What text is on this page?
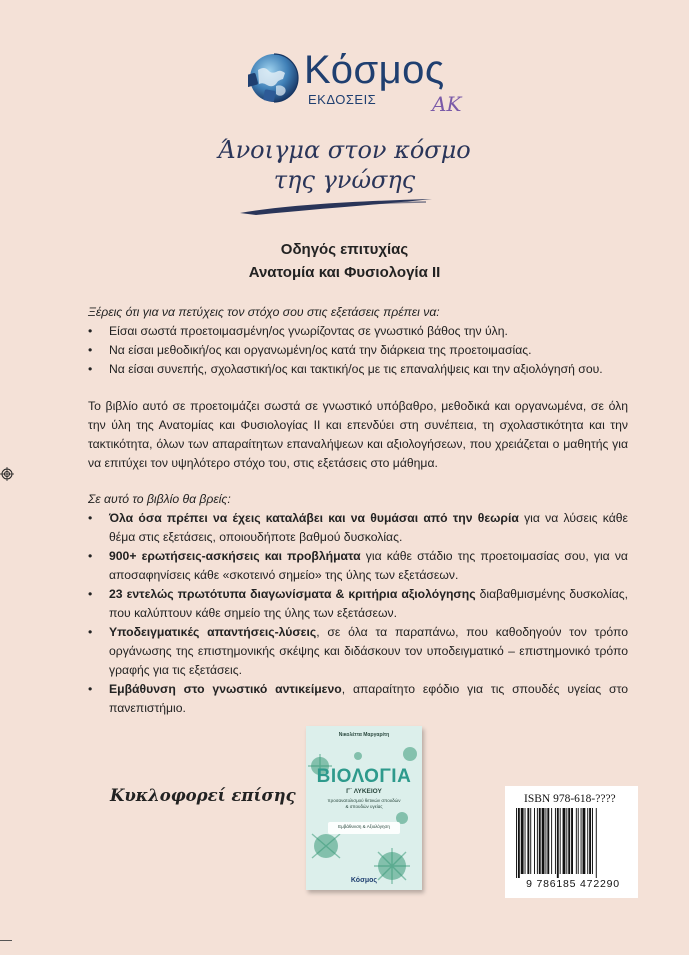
Κόσμος
ΕΚΔΟΣΕΙΣ	ΑΚ
Άνοιγμα στον κόσμο
της γνώσης
Οδηγός επιτυχίας
Ανατομία και Φυσιολογία ΙΙ
Ξέρεις ότι για να πετύχεις τον στόχο σου στις εξετάσεις πρέπει να:
• Είσαι σωστά προετοιμασμένη/ος γνωρίζοντας σε γνωστικό βάθος την ύλη.
• Να είσαι μεθοδική/ος και οργανωμένη/ος κατά την διάρκεια της προετοιμασίας.
• Να είσαι συνεπής, σχολαστική/ος και τακτική/ος με τις επαναλήψεις και την αξιολόγησή σου.
Το βιβλίο αυτό σε προετοιμάζει σωστά σε γνωστικό υπόβαθρο, μεθοδικά και οργανωμένα, σε όλη την ύλη της Ανατομίας και Φυσιολογίας ΙΙ και επενδύει στη συνέπεια, τη σχολαστικότητα και την τακτικότητα, όλων των απαραίτητων επαναλήψεων και αξιολογήσεων, που χρειάζεται ο μαθητής για να επιτύχει τον υψηλότερο στόχο του, στις εξετάσεις στο μάθημα.
Σε αυτό το βιβλίο θα βρείς:
• Όλα όσα πρέπει να έχεις καταλάβει και να θυμάσαι από την θεωρία για να λύσεις κάθε θέμα στις εξετάσεις, οποιουδήποτε βαθμού δυσκολίας.
• 900+ ερωτήσεις-ασκήσεις και προβλήματα για κάθε στάδιο της προετοιμασίας σου, για να αποσαφηνίσεις κάθε «σκοτεινό σημείο» της ύλης των εξετάσεων.
• 23 εντελώς πρωτότυπα διαγωνίσματα & κριτήρια αξιολόγησης διαβαθμισμένης δυσκολίας, που καλύπτουν κάθε σημείο της ύλης των εξετάσεων.
• Υποδειγματικές απαντήσεις-λύσεις, σε όλα τα παραπάνω, που καθοδηγούν τον τρόπο οργάνωσης της επιστημονικής σκέψης και διδάσκουν τον υποδειγματικό – επιστημονικό τρόπο γραφής για τις εξετάσεις.
• Εμβάθυνση στο γνωστικό αντικείμενο, απαραίτητο εφόδιο για τις σπουδές υγείας στο πανεπιστήμιο.
Κυκλοφορεί επίσης
Νικολέττα Μαργαρίτη
ΒΙΟΛΟΓΙΑ
Γ΄ ΛΥΚΕΙΟΥ
προσανατολισμού θετικών σπουδών & σπουδών υγείας
Εμβάθυνση & Αξιολόγηση
Κόσμος
ISBN 978-618-????
9 786185 472290
